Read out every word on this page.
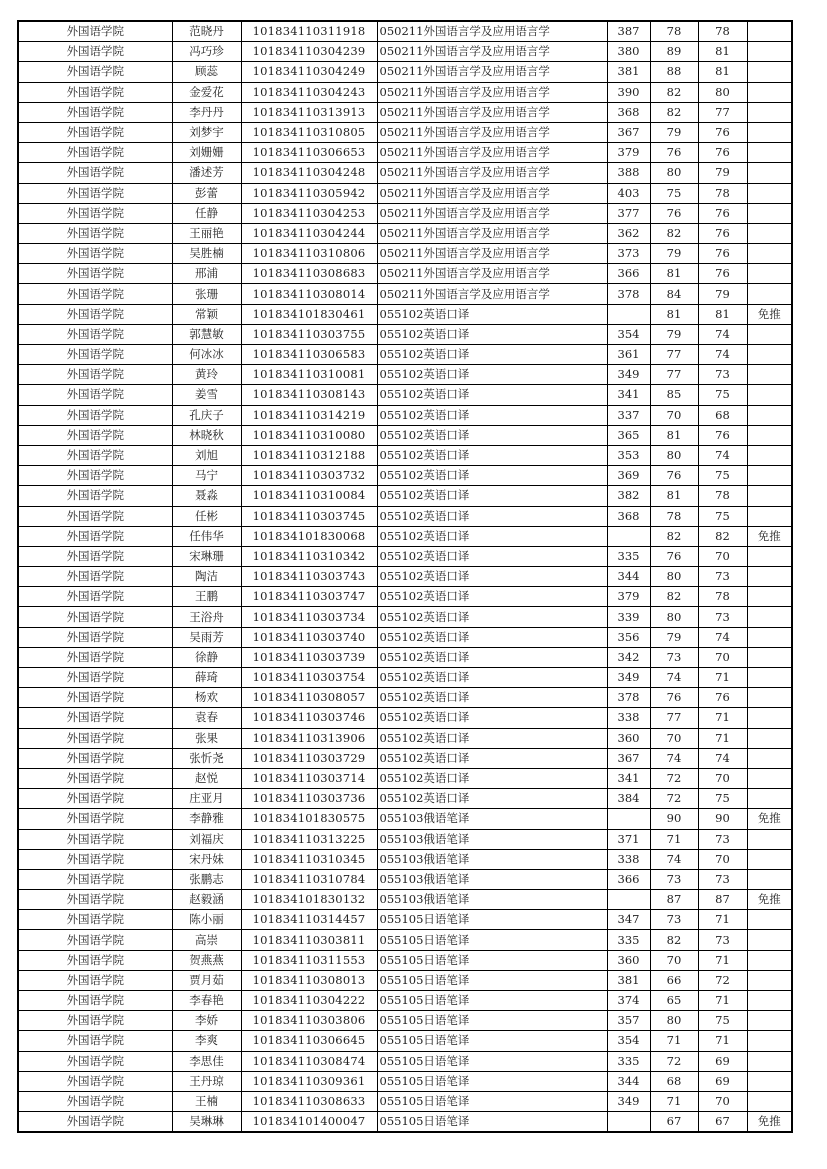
外国语学院	范晓丹	101834110311918	050211外国语言学及应用语言学	387	78	78	
外国语学院	冯巧珍	101834110304239	050211外国语言学及应用语言学	380	89	81	
外国语学院	顾蕊	101834110304249	050211外国语言学及应用语言学	381	88	81	
外国语学院	金爱花	101834110304243	050211外国语言学及应用语言学	390	82	80	
外国语学院	李丹丹	101834110313913	050211外国语言学及应用语言学	368	82	77	
外国语学院	刘梦宇	101834110310805	050211外国语言学及应用语言学	367	79	76	
外国语学院	刘姗姗	101834110306653	050211外国语言学及应用语言学	379	76	76	
外国语学院	潘述芳	101834110304248	050211外国语言学及应用语言学	388	80	79	
外国语学院	彭蕾	101834110305942	050211外国语言学及应用语言学	403	75	78	
外国语学院	任静	101834110304253	050211外国语言学及应用语言学	377	76	76	
外国语学院	王丽艳	101834110304244	050211外国语言学及应用语言学	362	82	76	
外国语学院	吴胜楠	101834110310806	050211外国语言学及应用语言学	373	79	76	
外国语学院	邢浦	101834110308683	050211外国语言学及应用语言学	366	81	76	
外国语学院	张珊	101834110308014	050211外国语言学及应用语言学	378	84	79	
外国语学院	常颖	101834101830461	055102英语口译		81	81	免推
外国语学院	郭慧敏	101834110303755	055102英语口译	354	79	74	
外国语学院	何冰冰	101834110306583	055102英语口译	361	77	74	
外国语学院	黄玲	101834110310081	055102英语口译	349	77	73	
外国语学院	姜雪	101834110308143	055102英语口译	341	85	75	
外国语学院	孔庆子	101834110314219	055102英语口译	337	70	68	
外国语学院	林晓秋	101834110310080	055102英语口译	365	81	76	
外国语学院	刘旭	101834110312188	055102英语口译	353	80	74	
外国语学院	马宁	101834110303732	055102英语口译	369	76	75	
外国语学院	聂淼	101834110310084	055102英语口译	382	81	78	
外国语学院	任彬	101834110303745	055102英语口译	368	78	75	
外国语学院	任伟华	101834101830068	055102英语口译		82	82	免推
外国语学院	宋琳珊	101834110310342	055102英语口译	335	76	70	
外国语学院	陶洁	101834110303743	055102英语口译	344	80	73	
外国语学院	王鹏	101834110303747	055102英语口译	379	82	78	
外国语学院	王浴舟	101834110303734	055102英语口译	339	80	73	
外国语学院	吴雨芳	101834110303740	055102英语口译	356	79	74	
外国语学院	徐静	101834110303739	055102英语口译	342	73	70	
外国语学院	薛琦	101834110303754	055102英语口译	349	74	71	
外国语学院	杨欢	101834110308057	055102英语口译	378	76	76	
外国语学院	袁春	101834110303746	055102英语口译	338	77	71	
外国语学院	张果	101834110313906	055102英语口译	360	70	71	
外国语学院	张忻尧	101834110303729	055102英语口译	367	74	74	
外国语学院	赵悦	101834110303714	055102英语口译	341	72	70	
外国语学院	庄亚月	101834110303736	055102英语口译	384	72	75	
外国语学院	李静雅	101834101830575	055103俄语笔译		90	90	免推
外国语学院	刘福庆	101834110313225	055103俄语笔译	371	71	73	
外国语学院	宋丹妹	101834110310345	055103俄语笔译	338	74	70	
外国语学院	张鹏志	101834110310784	055103俄语笔译	366	73	73	
外国语学院	赵毅涵	101834101830132	055103俄语笔译		87	87	免推
外国语学院	陈小丽	101834110314457	055105日语笔译	347	73	71	
外国语学院	高崇	101834110303811	055105日语笔译	335	82	73	
外国语学院	贺燕燕	101834110311553	055105日语笔译	360	70	71	
外国语学院	贾月茹	101834110308013	055105日语笔译	381	66	72	
外国语学院	李春艳	101834110304222	055105日语笔译	374	65	71	
外国语学院	李娇	101834110303806	055105日语笔译	357	80	75	
外国语学院	李爽	101834110306645	055105日语笔译	354	71	71	
外国语学院	李思佳	101834110308474	055105日语笔译	335	72	69	
外国语学院	王丹琼	101834110309361	055105日语笔译	344	68	69	
外国语学院	王楠	101834110308633	055105日语笔译	349	71	70	
外国语学院	吴琳琳	101834101400047	055105日语笔译		67	67	免推
